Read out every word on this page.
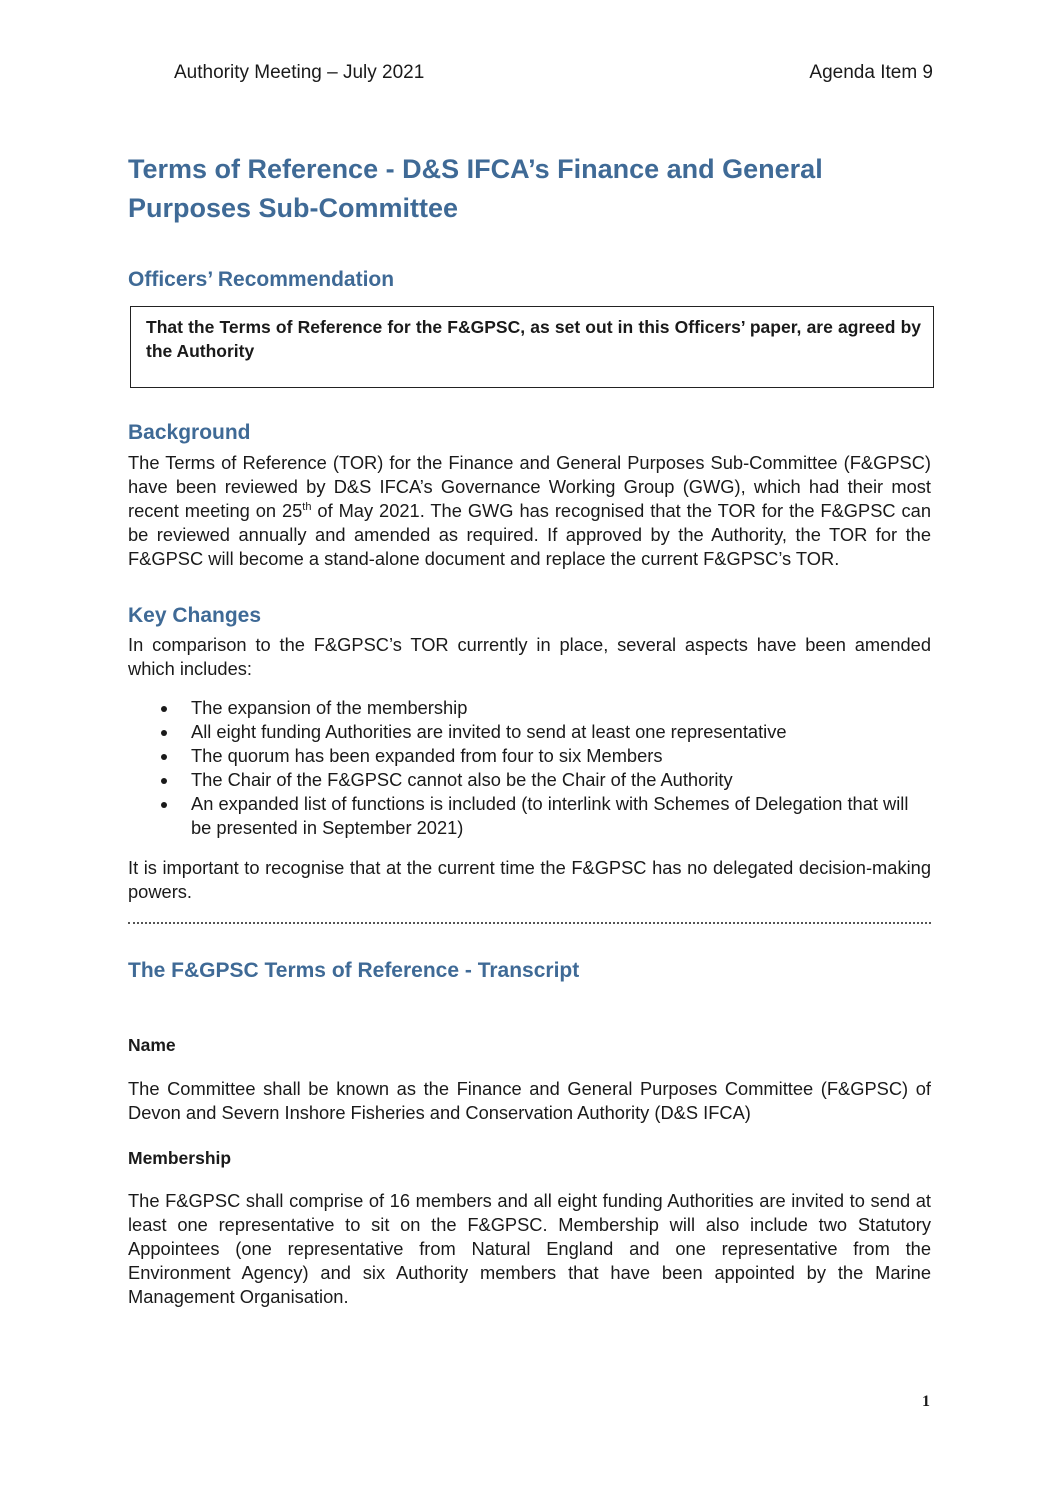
Authority Meeting – July 2021	Agenda Item 9
Terms of Reference - D&S IFCA’s Finance and General Purposes Sub-Committee
Officers’ Recommendation
That the Terms of Reference for the F&GPSC, as set out in this Officers’ paper, are agreed by the Authority
Background
The Terms of Reference (TOR) for the Finance and General Purposes Sub-Committee (F&GPSC) have been reviewed by D&S IFCA’s Governance Working Group (GWG), which had their most recent meeting on 25th of May 2021. The GWG has recognised that the TOR for the F&GPSC can be reviewed annually and amended as required. If approved by the Authority, the TOR for the F&GPSC will become a stand-alone document and replace the current F&GPSC’s TOR.
Key Changes
In comparison to the F&GPSC’s TOR currently in place, several aspects have been amended which includes:
The expansion of the membership
All eight funding Authorities are invited to send at least one representative
The quorum has been expanded from four to six Members
The Chair of the F&GPSC cannot also be the Chair of the Authority
An expanded list of functions is included (to interlink with Schemes of Delegation that will be presented in September 2021)
It is important to recognise that at the current time the F&GPSC has no delegated decision-making powers.
The F&GPSC Terms of Reference - Transcript
Name
The Committee shall be known as the Finance and General Purposes Committee (F&GPSC) of Devon and Severn Inshore Fisheries and Conservation Authority (D&S IFCA)
Membership
The F&GPSC shall comprise of 16 members and all eight funding Authorities are invited to send at least one representative to sit on the F&GPSC. Membership will also include two Statutory Appointees (one representative from Natural England and one representative from the Environment Agency) and six Authority members that have been appointed by the Marine Management Organisation.
1
